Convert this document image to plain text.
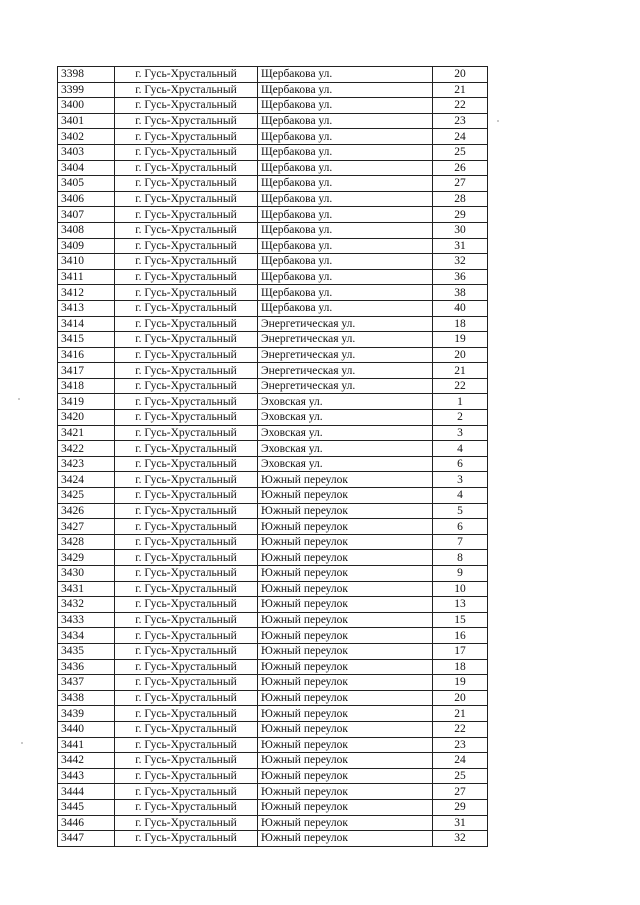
3398	г. Гусь-Хрустальный	Щербакова ул.	20
3399	г. Гусь-Хрустальный	Щербакова ул.	21
3400	г. Гусь-Хрустальный	Щербакова ул.	22
3401	г. Гусь-Хрустальный	Щербакова ул.	23
3402	г. Гусь-Хрустальный	Щербакова ул.	24
3403	г. Гусь-Хрустальный	Щербакова ул.	25
3404	г. Гусь-Хрустальный	Щербакова ул.	26
3405	г. Гусь-Хрустальный	Щербакова ул.	27
3406	г. Гусь-Хрустальный	Щербакова ул.	28
3407	г. Гусь-Хрустальный	Щербакова ул.	29
3408	г. Гусь-Хрустальный	Щербакова ул.	30
3409	г. Гусь-Хрустальный	Щербакова ул.	31
3410	г. Гусь-Хрустальный	Щербакова ул.	32
3411	г. Гусь-Хрустальный	Щербакова ул.	36
3412	г. Гусь-Хрустальный	Щербакова ул.	38
3413	г. Гусь-Хрустальный	Щербакова ул.	40
3414	г. Гусь-Хрустальный	Энергетическая ул.	18
3415	г. Гусь-Хрустальный	Энергетическая ул.	19
3416	г. Гусь-Хрустальный	Энергетическая ул.	20
3417	г. Гусь-Хрустальный	Энергетическая ул.	21
3418	г. Гусь-Хрустальный	Энергетическая ул.	22
3419	г. Гусь-Хрустальный	Эховская ул.	1
3420	г. Гусь-Хрустальный	Эховская ул.	2
3421	г. Гусь-Хрустальный	Эховская ул.	3
3422	г. Гусь-Хрустальный	Эховская ул.	4
3423	г. Гусь-Хрустальный	Эховская ул.	6
3424	г. Гусь-Хрустальный	Южный переулок	3
3425	г. Гусь-Хрустальный	Южный переулок	4
3426	г. Гусь-Хрустальный	Южный переулок	5
3427	г. Гусь-Хрустальный	Южный переулок	6
3428	г. Гусь-Хрустальный	Южный переулок	7
3429	г. Гусь-Хрустальный	Южный переулок	8
3430	г. Гусь-Хрустальный	Южный переулок	9
3431	г. Гусь-Хрустальный	Южный переулок	10
3432	г. Гусь-Хрустальный	Южный переулок	13
3433	г. Гусь-Хрустальный	Южный переулок	15
3434	г. Гусь-Хрустальный	Южный переулок	16
3435	г. Гусь-Хрустальный	Южный переулок	17
3436	г. Гусь-Хрустальный	Южный переулок	18
3437	г. Гусь-Хрустальный	Южный переулок	19
3438	г. Гусь-Хрустальный	Южный переулок	20
3439	г. Гусь-Хрустальный	Южный переулок	21
3440	г. Гусь-Хрустальный	Южный переулок	22
3441	г. Гусь-Хрустальный	Южный переулок	23
3442	г. Гусь-Хрустальный	Южный переулок	24
3443	г. Гусь-Хрустальный	Южный переулок	25
3444	г. Гусь-Хрустальный	Южный переулок	27
3445	г. Гусь-Хрустальный	Южный переулок	29
3446	г. Гусь-Хрустальный	Южный переулок	31
3447	г. Гусь-Хрустальный	Южный переулок	32
